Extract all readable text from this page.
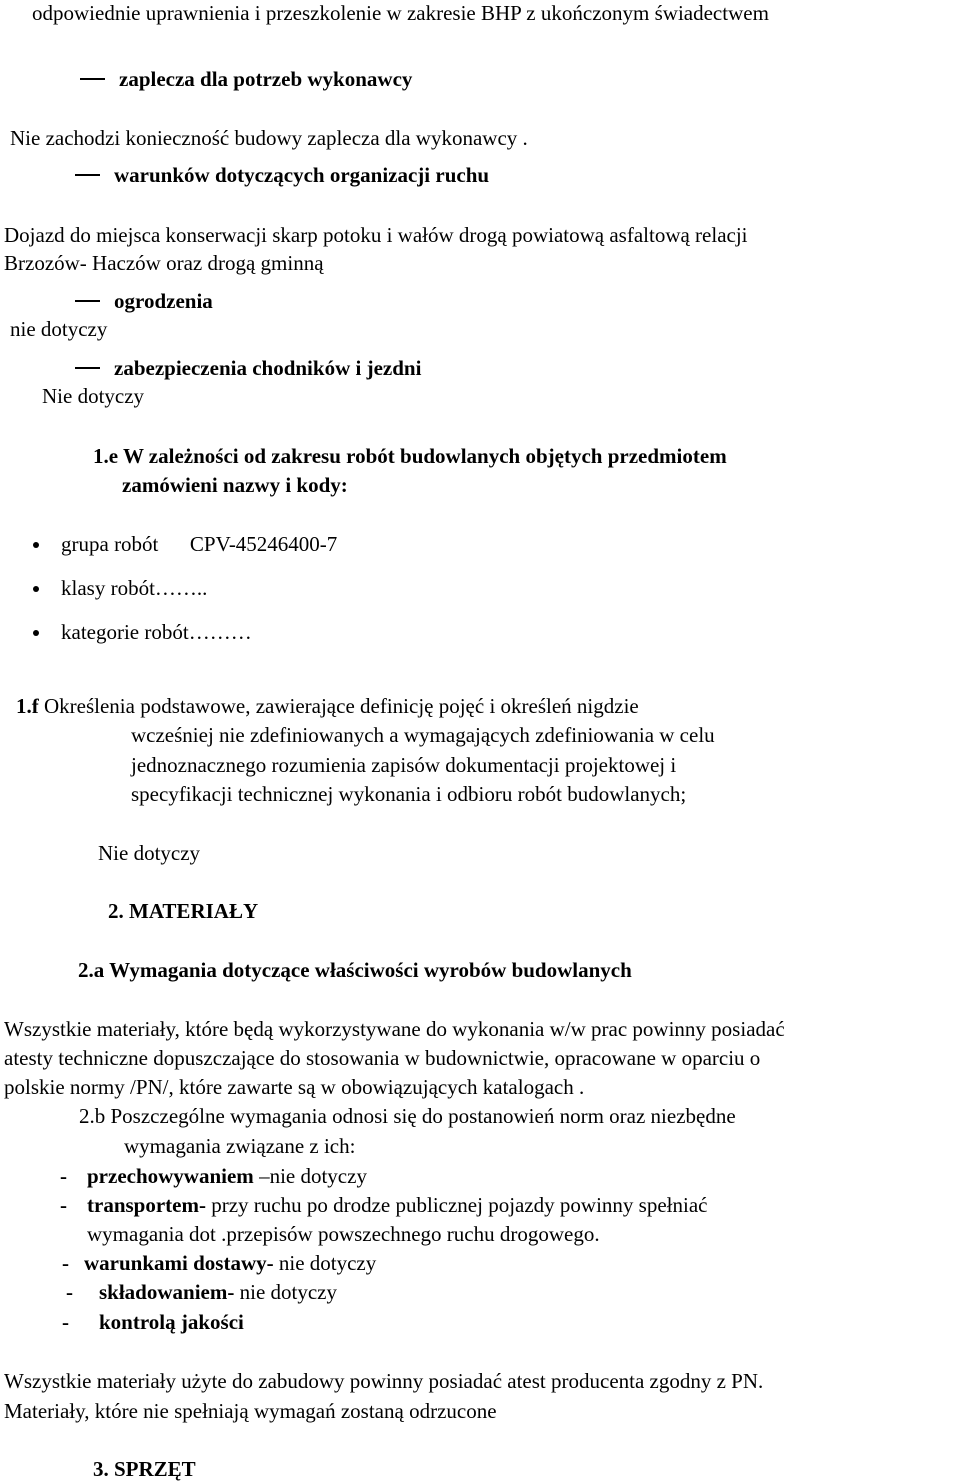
odpowiednie uprawnienia i przeszkolenie w zakresie BHP z ukończonym świadectwem
zaplecza dla potrzeb wykonawcy
Nie zachodzi konieczność budowy zaplecza dla wykonawcy .
warunków dotyczących organizacji ruchu
Dojazd do miejsca konserwacji skarp potoku i wałów drogą powiatową asfaltową relacji
Brzozów- Haczów oraz drogą gminną
ogrodzenia
nie dotyczy
zabezpieczenia chodników i jezdni
Nie dotyczy
1.e W zależności od zakresu robót budowlanych objętych przedmiotem
zamówieni nazwy i kody:
grupa robót      CPV-45246400-7
klasy robót……..
kategorie robót………
1.f Określenia podstawowe, zawierające definicję pojęć i określeń nigdzie
wcześniej nie zdefiniowanych a wymagających zdefiniowania w celu
jednoznacznego rozumienia zapisów dokumentacji projektowej i
specyfikacji technicznej wykonania i odbioru robót budowlanych;
Nie dotyczy
2. MATERIAŁY
2.a Wymagania dotyczące właściwości wyrobów budowlanych
Wszystkie materiały, które będą wykorzystywane do wykonania w/w prac powinny posiadać
atesty techniczne dopuszczające do stosowania w budownictwie, opracowane w oparciu o
polskie normy /PN/, które zawarte są w obowiązujących katalogach .
2.b Poszczególne wymagania odnosi się do postanowień norm oraz niezbędne
wymagania związane z ich:
- przechowywaniem –nie dotyczy
- transportem- przy ruchu po drodze publicznej pojazdy powinny spełniać
wymagania dot .przepisów powszechnego ruchu drogowego.
- warunkami dostawy- nie dotyczy
- składowaniem- nie dotyczy
- kontrolą jakości
Wszystkie materiały użyte do zabudowy powinny posiadać atest producenta zgodny z PN.
Materiały, które nie spełniają wymagań zostaną odrzucone
3. SPRZĘT
